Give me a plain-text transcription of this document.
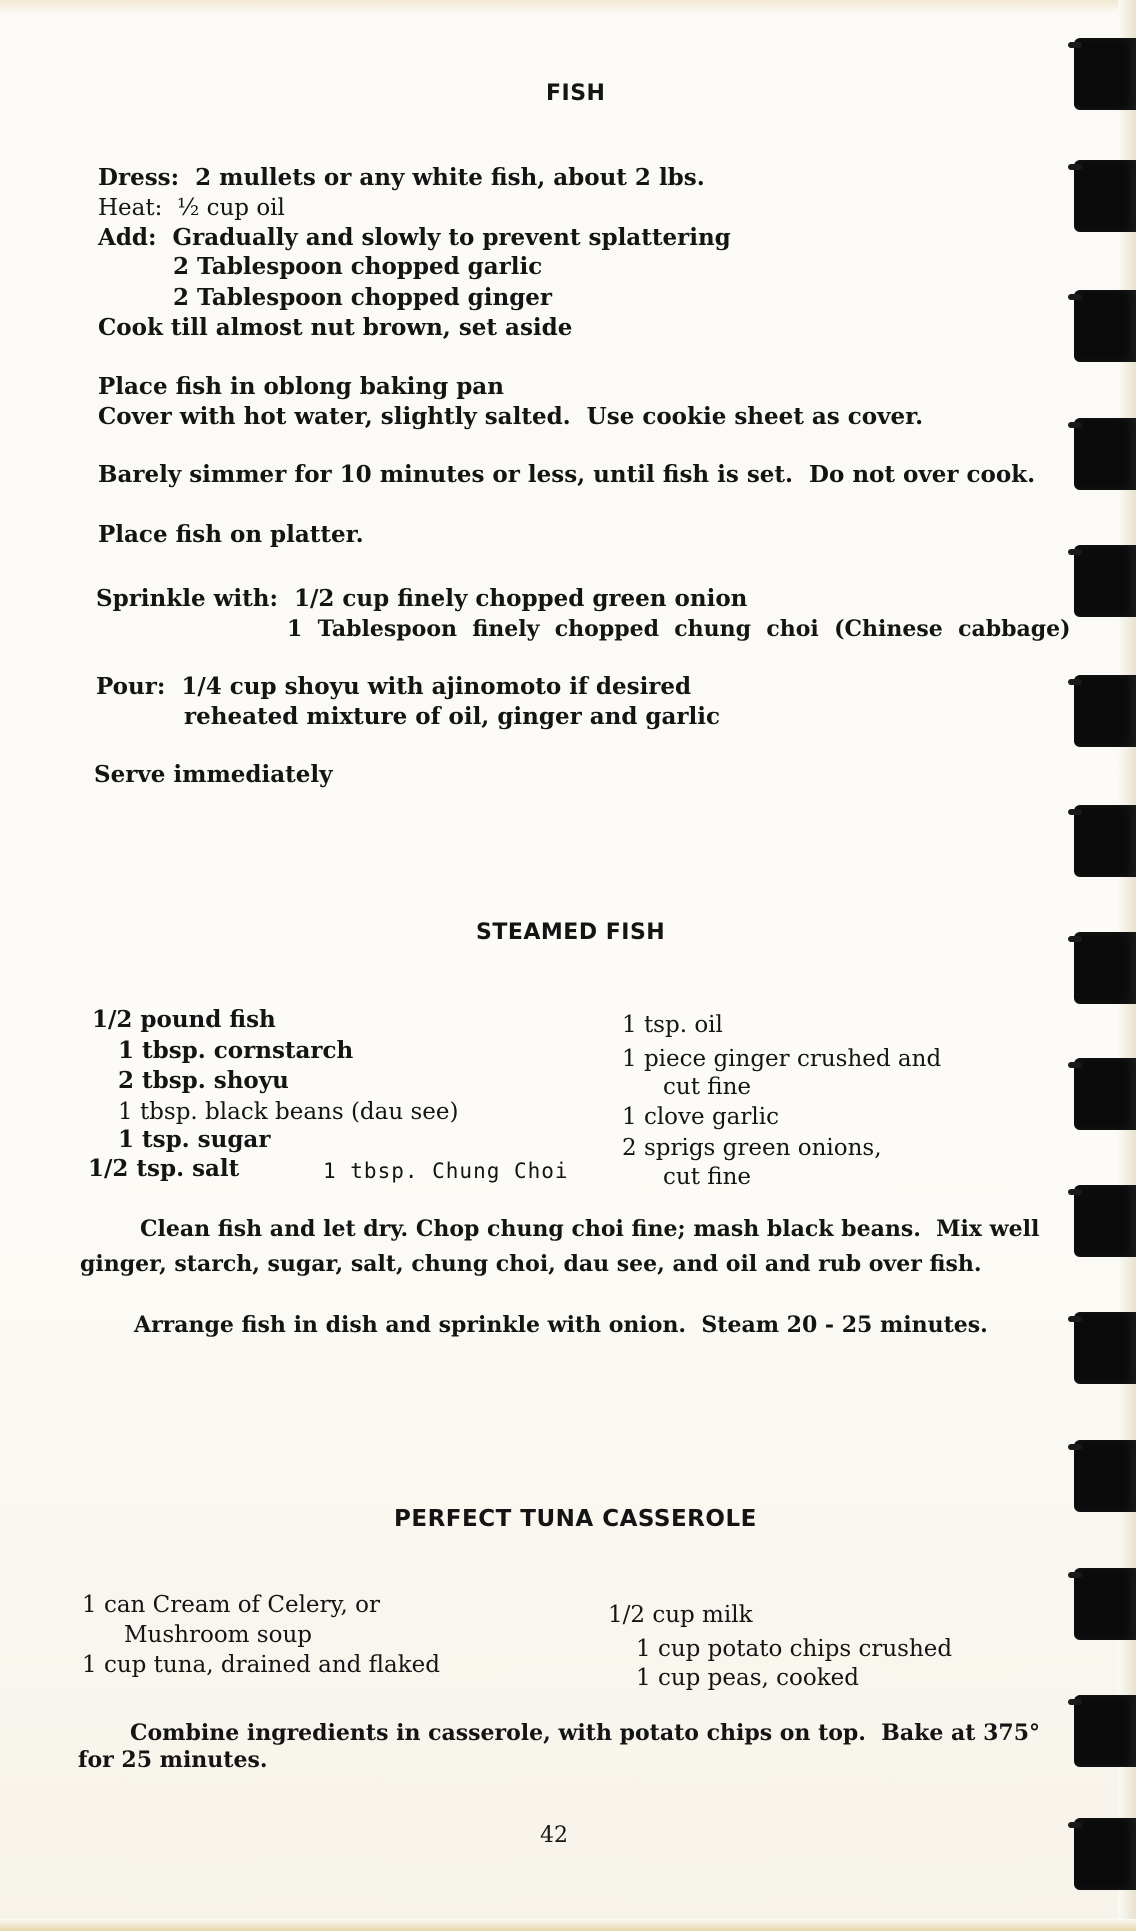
FISH
Dress:  2 mullets or any white fish, about 2 lbs.
Heat:  ½ cup oil
Add:  Gradually and slowly to prevent splattering
2 Tablespoon chopped garlic
2 Tablespoon chopped ginger
Cook till almost nut brown, set aside
Place fish in oblong baking pan
Cover with hot water, slightly salted.  Use cookie sheet as cover.
Barely simmer for 10 minutes or less, until fish is set.  Do not over cook.
Place fish on platter.
Sprinkle with:  1/2 cup finely chopped green onion
1  Tablespoon  finely  chopped  chung  choi  (Chinese  cabbage)
Pour:  1/4 cup shoyu with ajinomoto if desired
reheated mixture of oil, ginger and garlic
Serve immediately
STEAMED FISH
1/2 pound fish
1 tbsp. cornstarch
2 tbsp. shoyu
1 tbsp. black beans (dau see)
1 tsp. sugar
1/2 tsp. salt	1 tbsp. Chung Choi
1 tsp. oil
1 piece ginger crushed and
cut fine
1 clove garlic
2 sprigs green onions,
cut fine
Clean fish and let dry. Chop chung choi fine; mash black beans.  Mix well
ginger, starch, sugar, salt, chung choi, dau see, and oil and rub over fish.
Arrange fish in dish and sprinkle with onion.  Steam 20 - 25 minutes.
PERFECT TUNA CASSEROLE
1 can Cream of Celery, or
Mushroom soup
1 cup tuna, drained and flaked
1/2 cup milk
1 cup potato chips crushed
1 cup peas, cooked
Combine ingredients in casserole, with potato chips on top.  Bake at 375°
for 25 minutes.
42
